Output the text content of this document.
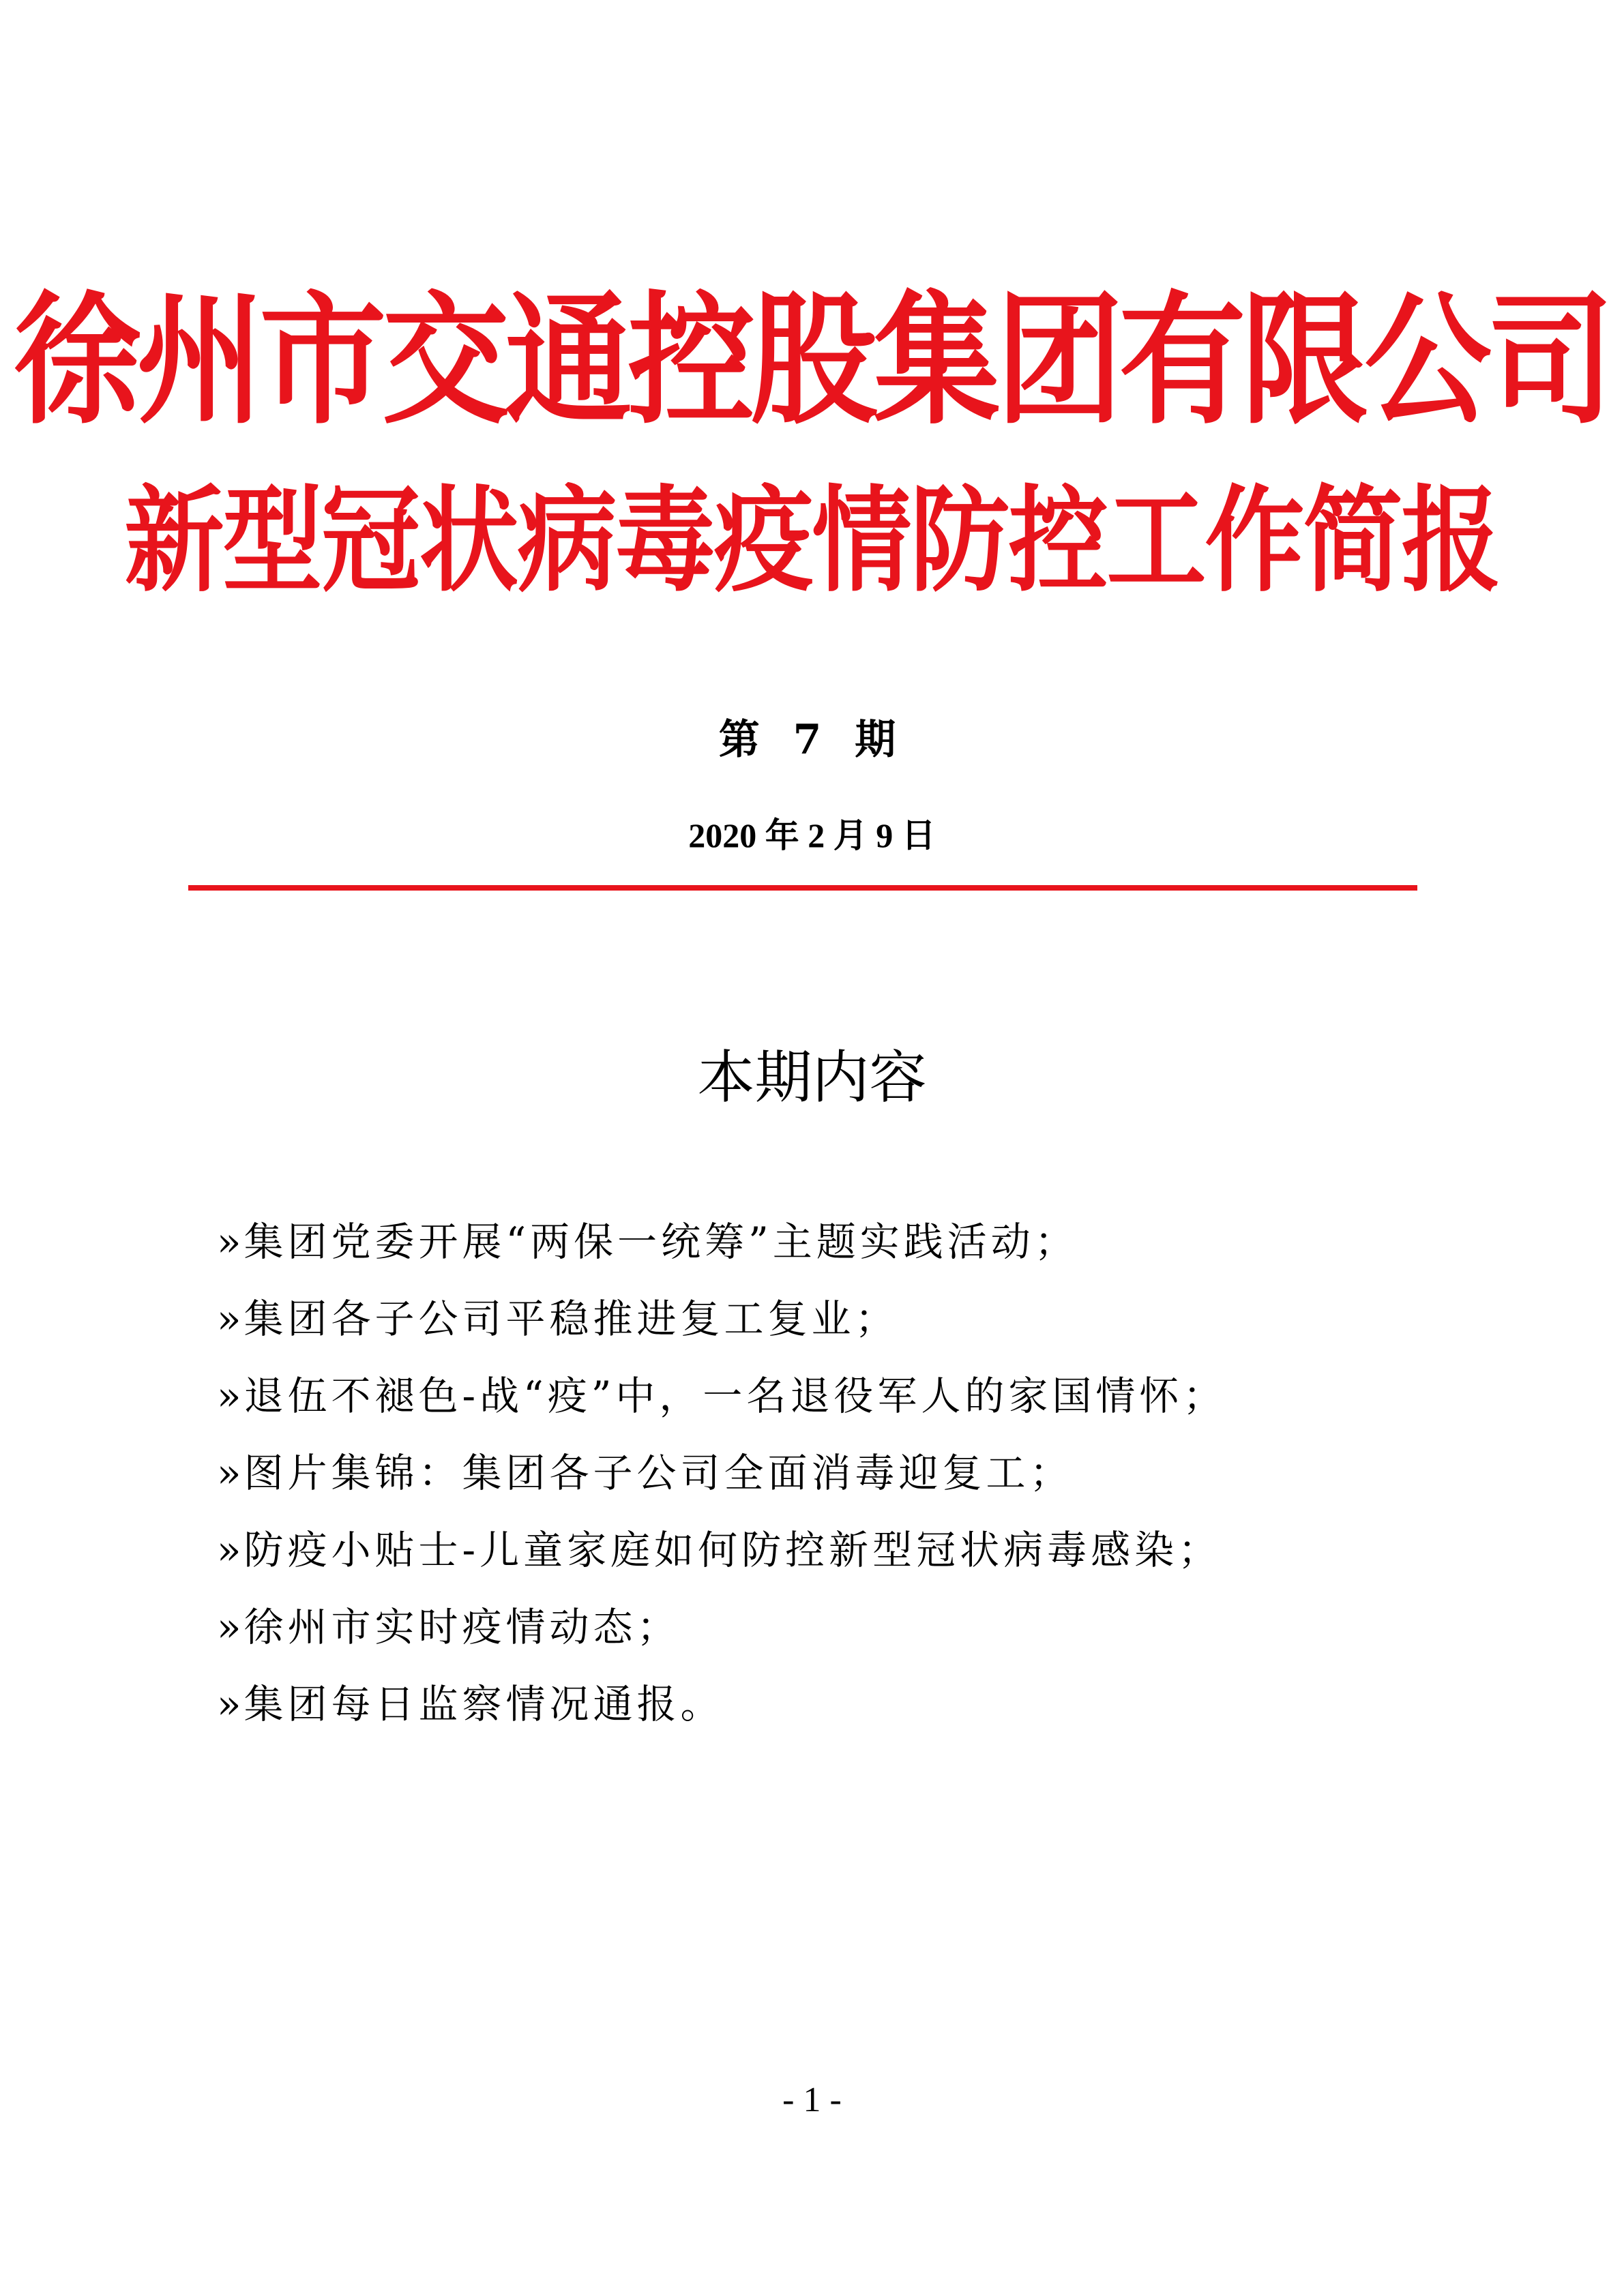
徐州市交通控股集团有限公司
新型冠状病毒疫情防控工作简报
第 7 期
2020 年 2 月 9 日
本期内容
»集团党委开展“两保一统筹”主题实践活动；
»集团各子公司平稳推进复工复业；
»退伍不褪色-战“疫”中，一名退役军人的家国情怀；
»图片集锦：集团各子公司全面消毒迎复工；
»防疫小贴士-儿童家庭如何防控新型冠状病毒感染；
»徐州市实时疫情动态；
»集团每日监察情况通报。
- 1 -
